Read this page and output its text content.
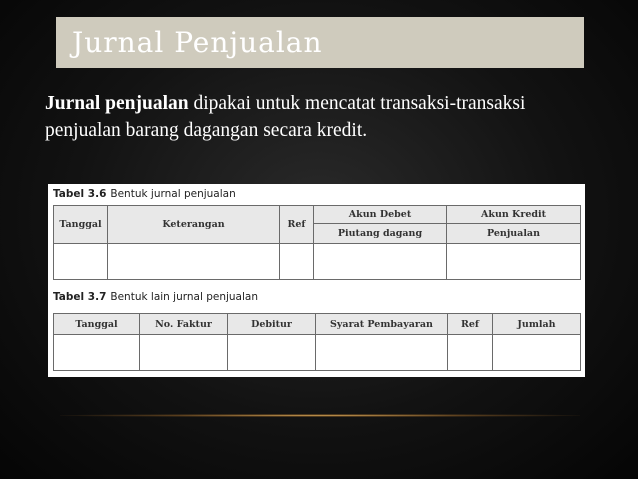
Jurnal Penjualan
Jurnal penjualan dipakai untuk mencatat transaksi-transaksi penjualan barang dagangan secara kredit.
Tabel 3.6 Bentuk jurnal penjualan
Tanggal	Keterangan	Ref	Akun Debet	Akun Kredit
			Piutang dagang	Penjualan

Tabel 3.7 Bentuk lain jurnal penjualan
Tanggal	No. Faktur	Debitur	Syarat Pembayaran	Ref	Jumlah
